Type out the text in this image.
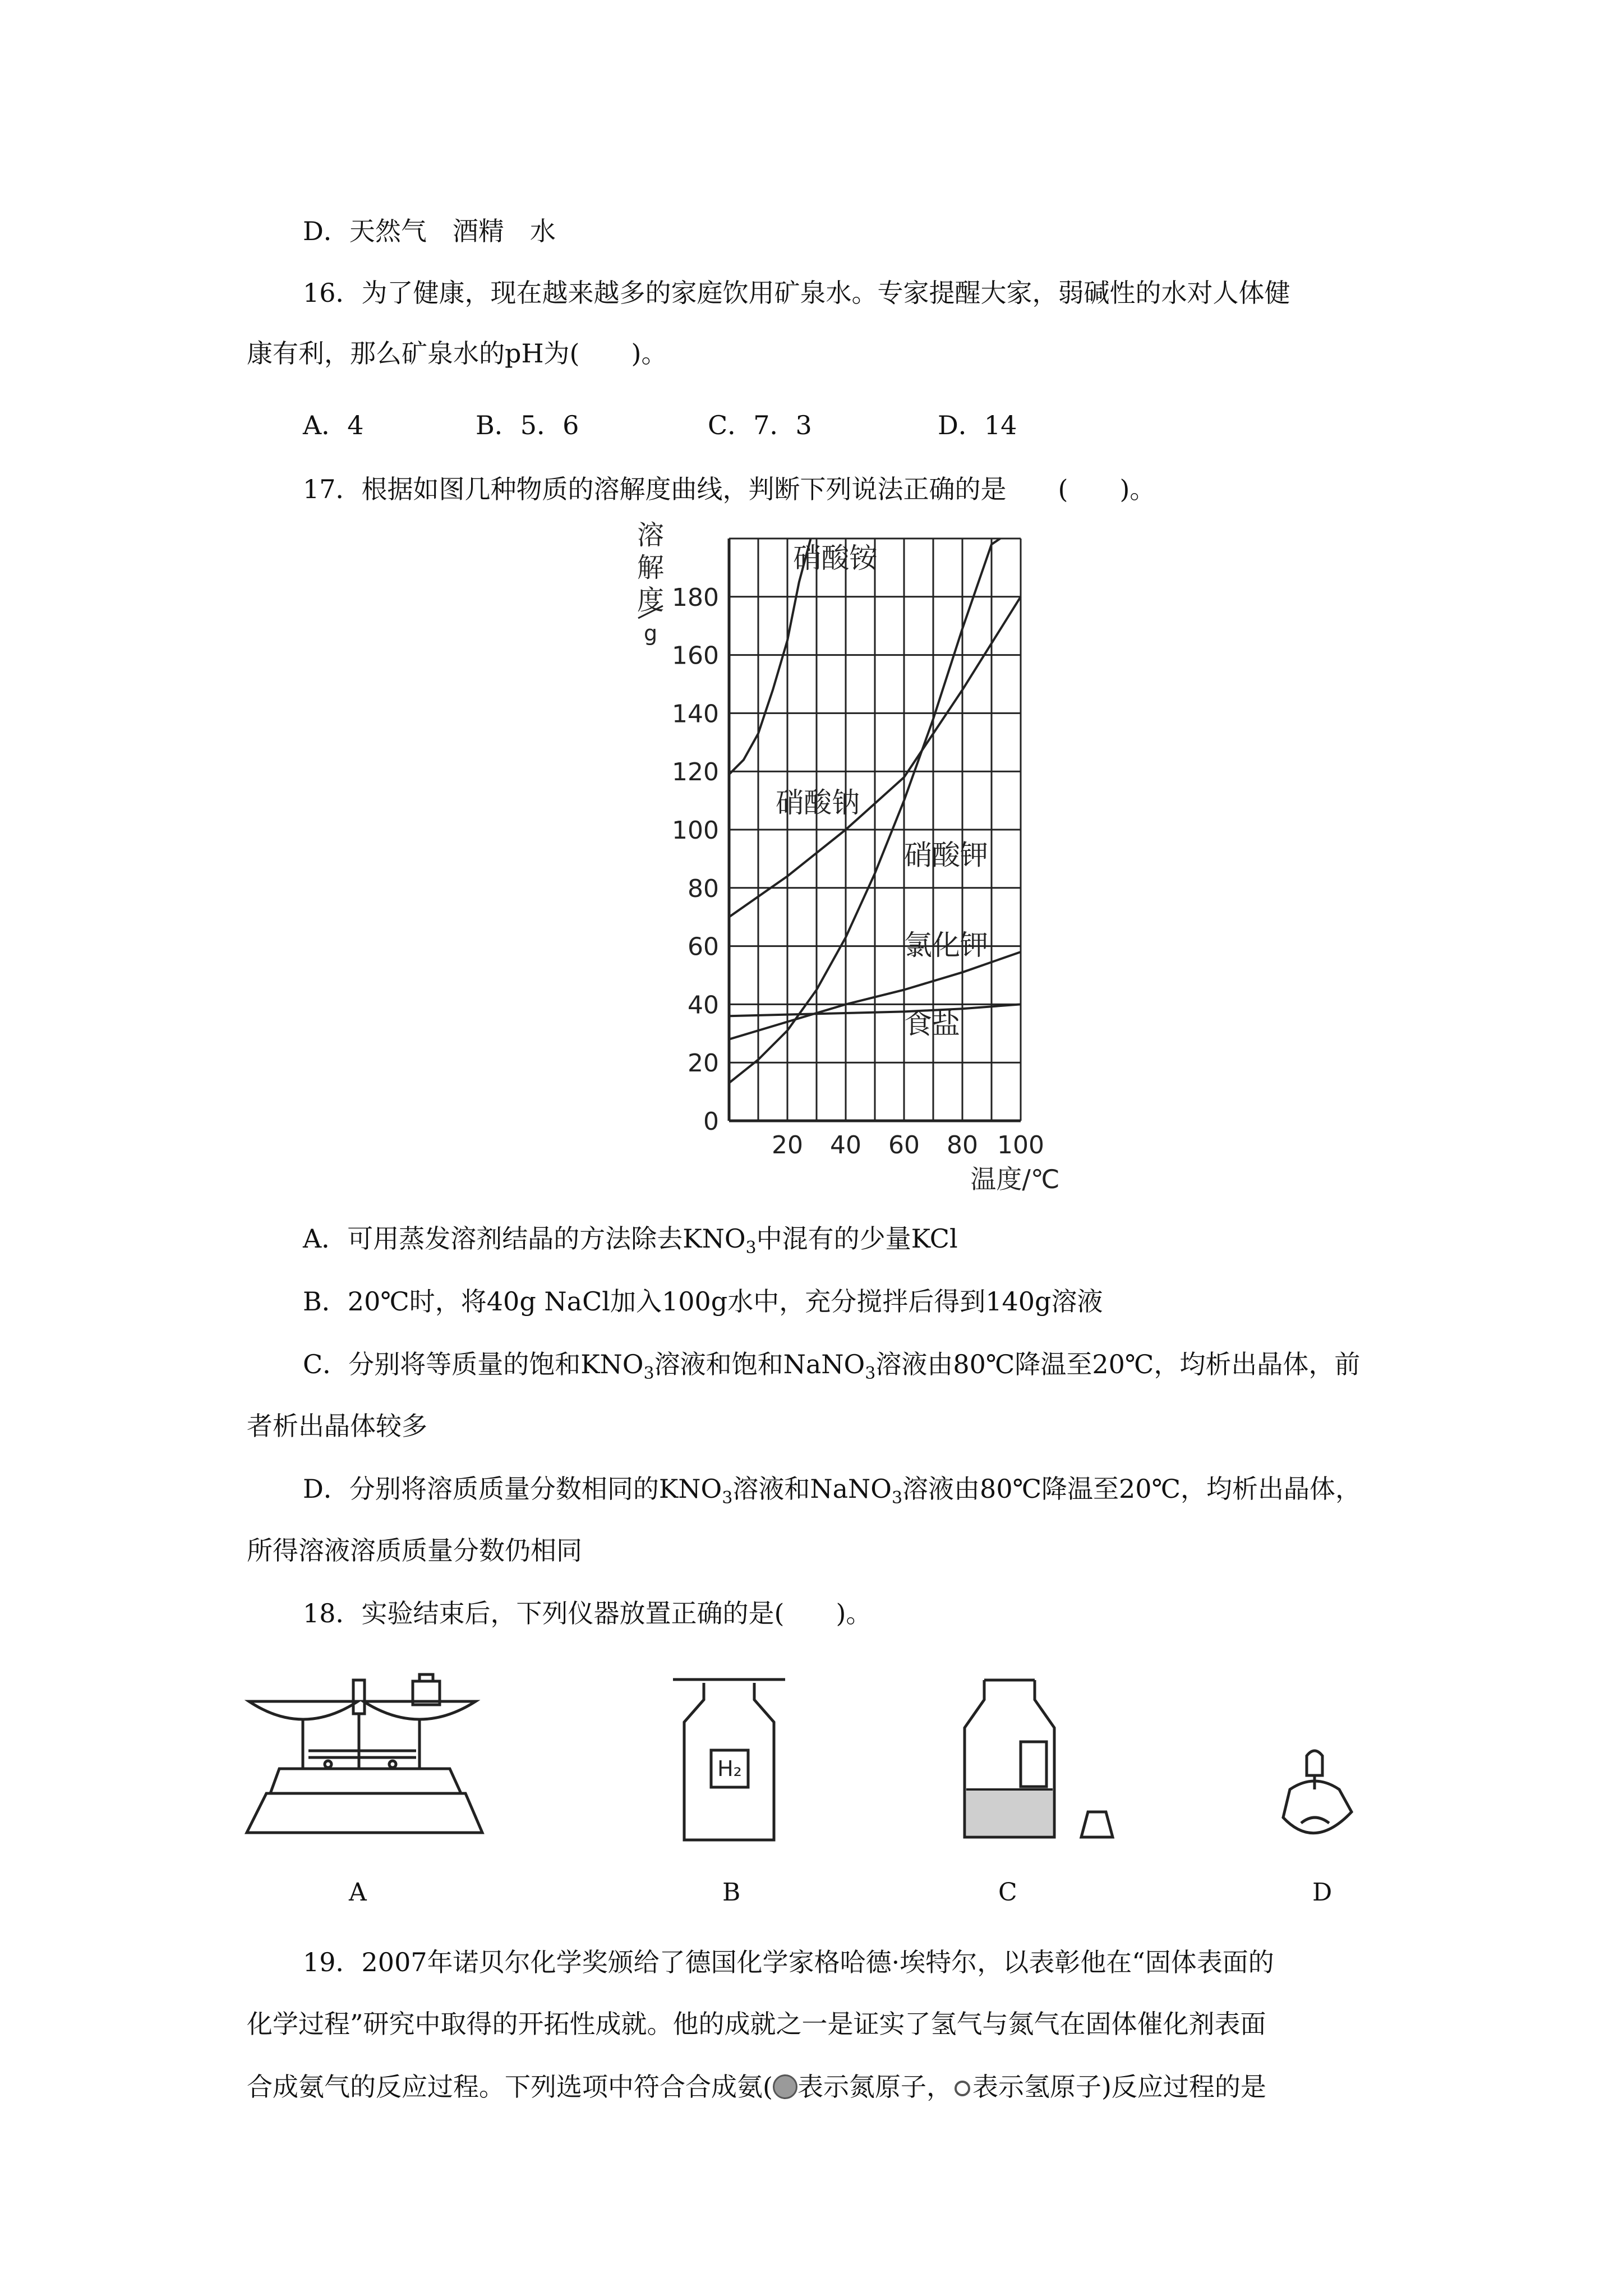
D．天然气　酒精　水
16．为了健康，现在越来越多的家庭饮用矿泉水。专家提醒大家，弱碱性的水对人体健
康有利，那么矿泉水的pH为(　　)。
A．4	B．5．6	C．7．3	D．14
17．根据如图几种物质的溶解度曲线，判断下列说法正确的是　　(　　)。
0
20
40
60
80
100
120
140
160
180
20 40 60 80 100
溶
解
度
g
温度/℃
硝酸铵
硝酸钠
硝酸钾
氯化钾
食盐
A．可用蒸发溶剂结晶的方法除去$KNO_3$中混有的少量KCl
B．20℃时，将40g NaCl加入100g水中，充分搅拌后得到140g溶液
C．分别将等质量的饱和$KNO_3$溶液和饱和NaNO$_3$溶液由80℃降温至20℃，均析出晶体，前
者析出晶体较多
D．分别将溶质质量分数相同的$KNO_3$溶液和NaNO$_3$溶液由80℃降温至20℃，均析出晶体，
所得溶液溶质质量分数仍相同
18．实验结束后，下列仪器放置正确的是(　　)。
A
H₂
B	C	D
19．2007年诺贝尔化学奖颁给了德国化学家格哈德·埃特尔，以表彰他在“固体表面的
化学过程”研究中取得的开拓性成就。他的成就之一是证实了氢气与氮气在固体催化剂表面
合成氨气的反应过程。下列选项中符合合成氨( 表示氮原子， 表示氢原子)反应过程的是
